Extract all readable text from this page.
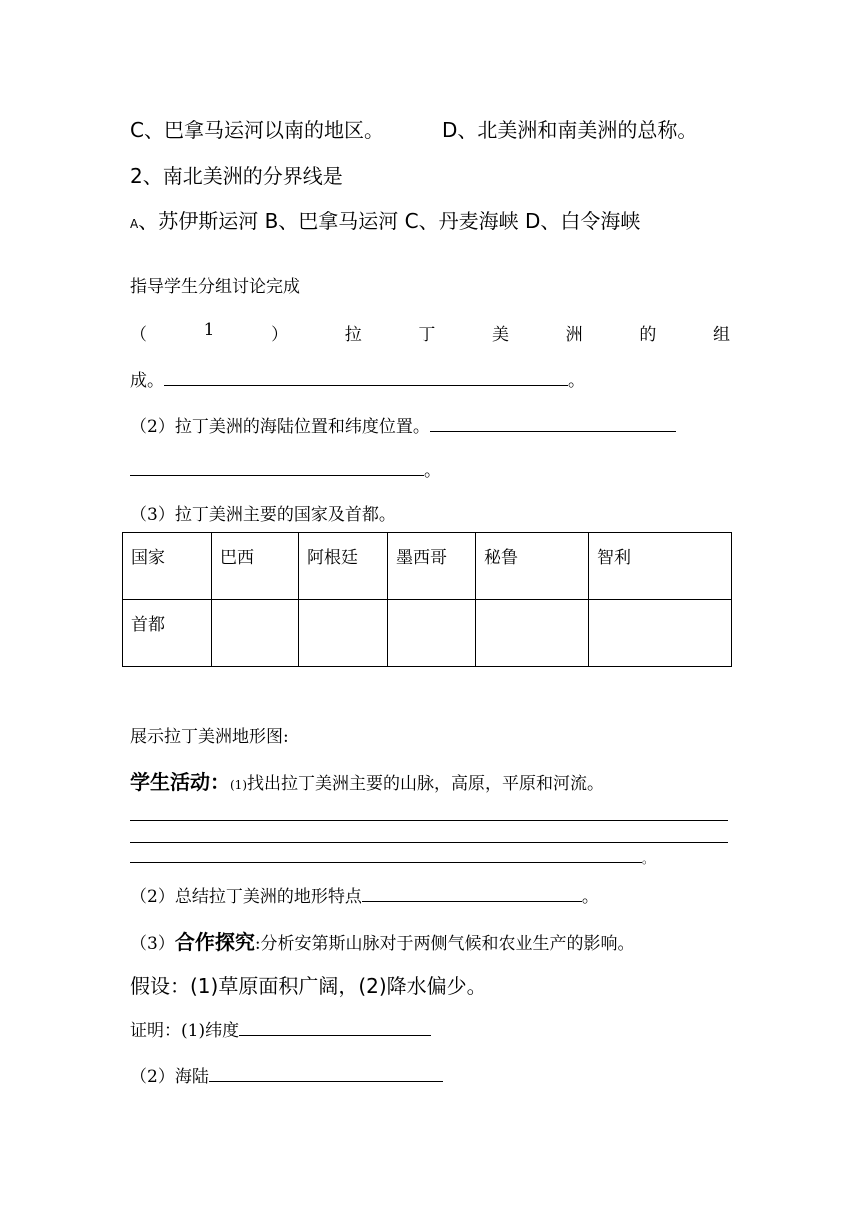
C、巴拿马运河以南的地区。	D、北美洲和南美洲的总称。
2、南北美洲的分界线是
A、苏伊斯运河 B、巴拿马运河 C、丹麦海峡 D、白令海峡
指导学生分组讨论完成
（	1	）	拉	丁	美	洲	的	组
成。	。
（2）拉丁美洲的海陆位置和纬度位置。
。
（3）拉丁美洲主要的国家及首都。
国家	巴西	阿根廷	墨西哥	秘鲁	智利
首都					
展示拉丁美洲地形图:
学生活动：(1)找出拉丁美洲主要的山脉，高原，平原和河流。
。
（2）总结拉丁美洲的地形特点	。
（3）合作探究:分析安第斯山脉对于两侧气候和农业生产的影响。
假设：(1)草原面积广阔，(2)降水偏少。
证明：(1)纬度
（2）海陆
